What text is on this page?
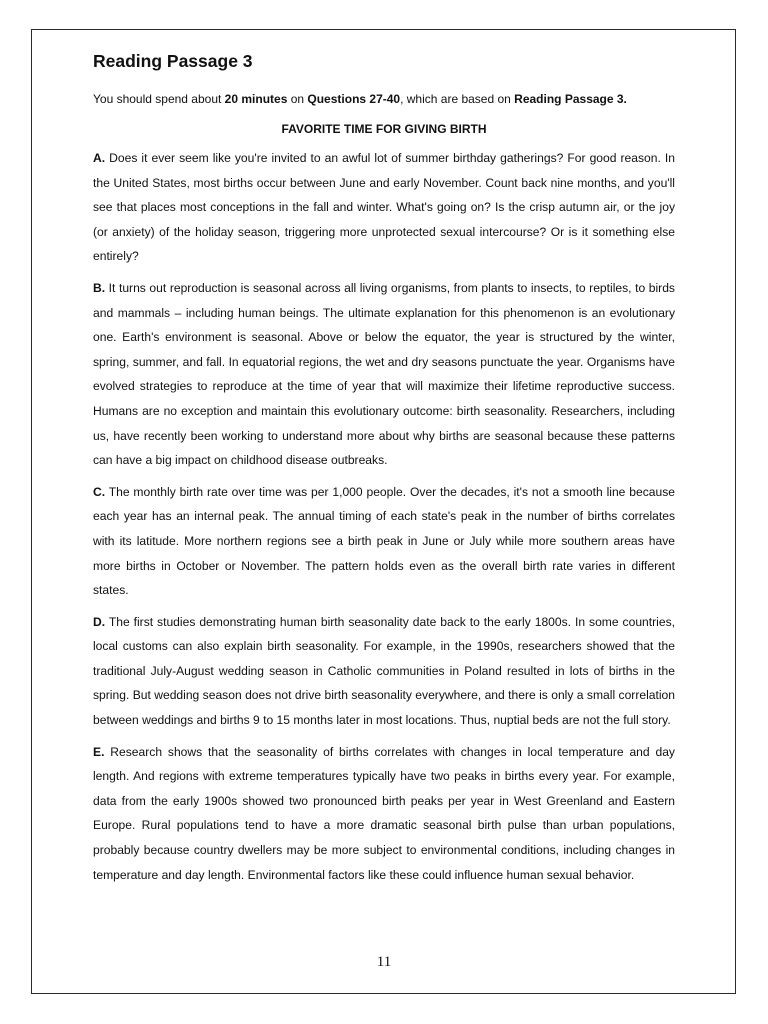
Reading Passage 3

You should spend about 20 minutes on Questions 27-40, which are based on Reading Passage 3.

FAVORITE TIME FOR GIVING BIRTH

A. Does it ever seem like you're invited to an awful lot of summer birthday gatherings? For good reason. In the United States, most births occur between June and early November. Count back nine months, and you'll see that places most conceptions in the fall and winter. What's going on? Is the crisp autumn air, or the joy (or anxiety) of the holiday season, triggering more unprotected sexual intercourse? Or is it something else entirely?

B. It turns out reproduction is seasonal across all living organisms, from plants to insects, to reptiles, to birds and mammals – including human beings. The ultimate explanation for this phenomenon is an evolutionary one. Earth's environment is seasonal. Above or below the equator, the year is structured by the winter, spring, summer, and fall. In equatorial regions, the wet and dry seasons punctuate the year. Organisms have evolved strategies to reproduce at the time of year that will maximize their lifetime reproductive success. Humans are no exception and maintain this evolutionary outcome: birth seasonality. Researchers, including us, have recently been working to understand more about why births are seasonal because these patterns can have a big impact on childhood disease outbreaks.

C. The monthly birth rate over time was per 1,000 people. Over the decades, it's not a smooth line because each year has an internal peak. The annual timing of each state's peak in the number of births correlates with its latitude. More northern regions see a birth peak in June or July while more southern areas have more births in October or November. The pattern holds even as the overall birth rate varies in different states.

D. The first studies demonstrating human birth seasonality date back to the early 1800s. In some countries, local customs can also explain birth seasonality. For example, in the 1990s, researchers showed that the traditional July-August wedding season in Catholic communities in Poland resulted in lots of births in the spring. But wedding season does not drive birth seasonality everywhere, and there is only a small correlation between weddings and births 9 to 15 months later in most locations. Thus, nuptial beds are not the full story.

E. Research shows that the seasonality of births correlates with changes in local temperature and day length. And regions with extreme temperatures typically have two peaks in births every year. For example, data from the early 1900s showed two pronounced birth peaks per year in West Greenland and Eastern Europe. Rural populations tend to have a more dramatic seasonal birth pulse than urban populations, probably because country dwellers may be more subject to environmental conditions, including changes in temperature and day length. Environmental factors like these could influence human sexual behavior.

11
